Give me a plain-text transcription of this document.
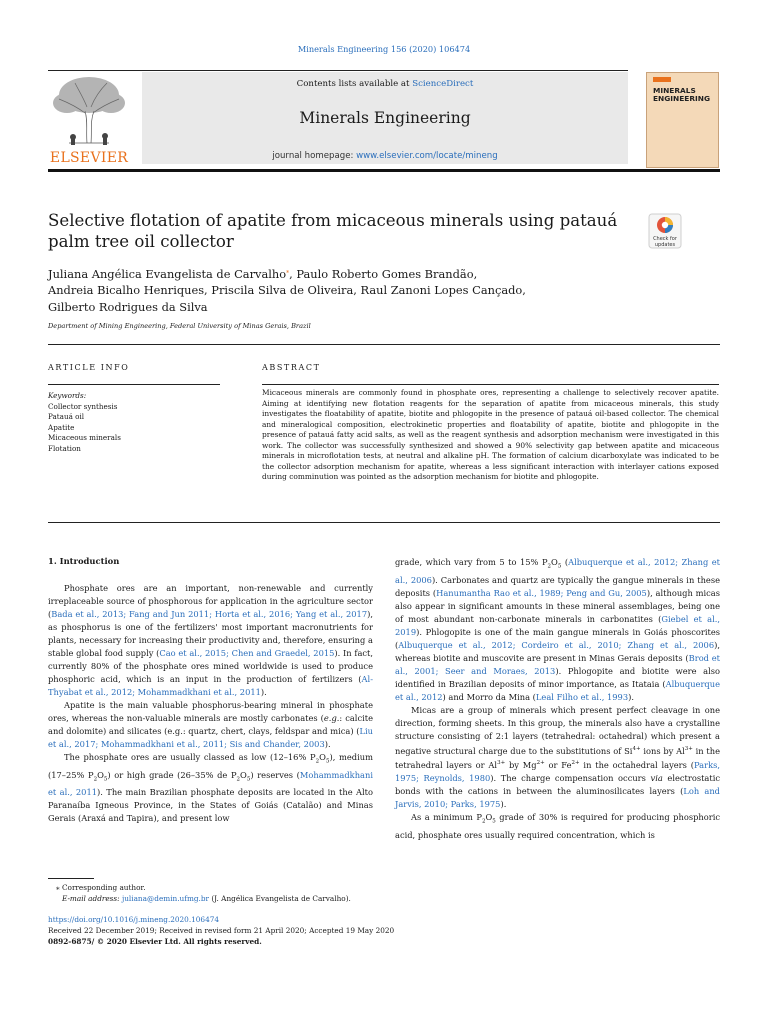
Minerals Engineering 156 (2020) 106474
ELSEVIER
Contents lists available at ScienceDirect
Minerals Engineering
journal homepage: www.elsevier.com/locate/mineng
MINERALS ENGINEERING
Selective flotation of apatite from micaceous minerals using patauá palm tree oil collector	Check for updates
Juliana Angélica Evangelista de Carvalho⁎, Paulo Roberto Gomes Brandão,
Andreia Bicalho Henriques, Priscila Silva de Oliveira, Raul Zanoni Lopes Cançado,
Gilberto Rodrigues da Silva
Department of Mining Engineering, Federal University of Minas Gerais, Brazil
ARTICLE INFO	ABSTRACT
Keywords:
Collector synthesis
Patauá oil
Apatite
Micaceous minerals
Flotation
Micaceous minerals are commonly found in phosphate ores, representing a challenge to selectively recover apatite. Aiming at identifying new flotation reagents for the separation of apatite from micaceous minerals, this study investigates the floatability of apatite, biotite and phlogopite in the presence of patauá oil-based collector. The chemical and mineralogical composition, electrokinetic properties and floatability of apatite, biotite and phlogopite in the presence of patauá fatty acid salts, as well as the reagent synthesis and adsorption mechanism were investigated in this work. The collector was successfully synthesized and showed a 90% selectivity gap between apatite and micaceous minerals in microflotation tests, at neutral and alkaline pH. The formation of calcium dicarboxylate was indicated to be the collector adsorption mechanism for apatite, whereas a less significant interaction with interlayer cations exposed during comminution was pointed as the adsorption mechanism for biotite and phlogopite.
1. Introduction

Phosphate ores are an important, non-renewable and currently irreplaceable source of phosphorous for application in the agriculture sector (Bada et al., 2013; Fang and Jun 2011; Horta et al., 2016; Yang et al., 2017), as phosphorus is one of the fertilizers' most important macronutrients for plants, necessary for increasing their productivity and, therefore, ensuring a stable global food supply (Cao et al., 2015; Chen and Graedel, 2015). In fact, currently 80% of the phosphate ores mined worldwide is used to produce phosphoric acid, which is an input in the production of fertilizers (Al-Thyabat et al., 2012; Mohammadkhani et al., 2011).

Apatite is the main valuable phosphorus-bearing mineral in phosphate ores, whereas the non-valuable minerals are mostly carbonates (e.g.: calcite and dolomite) and silicates (e.g.: quartz, chert, clays, feldspar and mica) (Liu et al., 2017; Mohammadkhani et al., 2011; Sis and Chander, 2003).

The phosphate ores are usually classed as low (12–16% $P_2O_5$), medium (17–25% $P_2O_5$) or high grade (26–35% de $P_2O_5$) reserves (Mohammadkhani et al., 2011). The main Brazilian phosphate deposits are located in the Alto Paranaíba Igneous Province, in the States of Goiás (Catalão) and Minas Gerais (Araxá and Tapira), and present low

grade, which vary from 5 to 15% $P_2O_5$ (Albuquerque et al., 2012; Zhang et al., 2006). Carbonates and quartz are typically the gangue minerals in these deposits (Hanumantha Rao et al., 1989; Peng and Gu, 2005), although micas also appear in significant amounts in these mineral assemblages, being one of most abundant non-carbonate minerals in carbonatites (Giebel et al., 2019). Phlogopite is one of the main gangue minerals in Goiás phoscorites (Albuquerque et al., 2012; Cordeiro et al., 2010; Zhang et al., 2006), whereas biotite and muscovite are present in Minas Gerais deposits (Brod et al., 2001; Seer and Moraes, 2013). Phlogopite and biotite were also identified in Brazilian deposits of minor importance, as Itataia (Albuquerque et al., 2012) and Morro da Mina (Leal Filho et al., 1993).

Micas are a group of minerals which present perfect cleavage in one direction, forming sheets. In this group, the minerals also have a crystalline structure consisting of 2:1 layers (tetrahedral: octahedral) which present a negative structural charge due to the substitutions of $Si^{4+}$ ions by $Al^{3+}$ in the tetrahedral layers or $Al^{3+}$ by $Mg^{2+}$ or $Fe^{2+}$ in the octahedral layers (Parks, 1975; Reynolds, 1980). The charge compensation occurs via electrostatic bonds with the cations in between the aluminosilicates layers (Loh and Jarvis, 2010; Parks, 1975).

As a minimum $P_2O_5$ grade of 30% is required for producing phosphoric acid, phosphate ores usually required concentration, which is

⁎ Corresponding author.
E-mail address: juliana@demin.ufmg.br (J. Angélica Evangelista de Carvalho).
https://doi.org/10.1016/j.mineng.2020.106474
Received 22 December 2019; Received in revised form 21 April 2020; Accepted 19 May 2020
0892-6875/ © 2020 Elsevier Ltd. All rights reserved.
